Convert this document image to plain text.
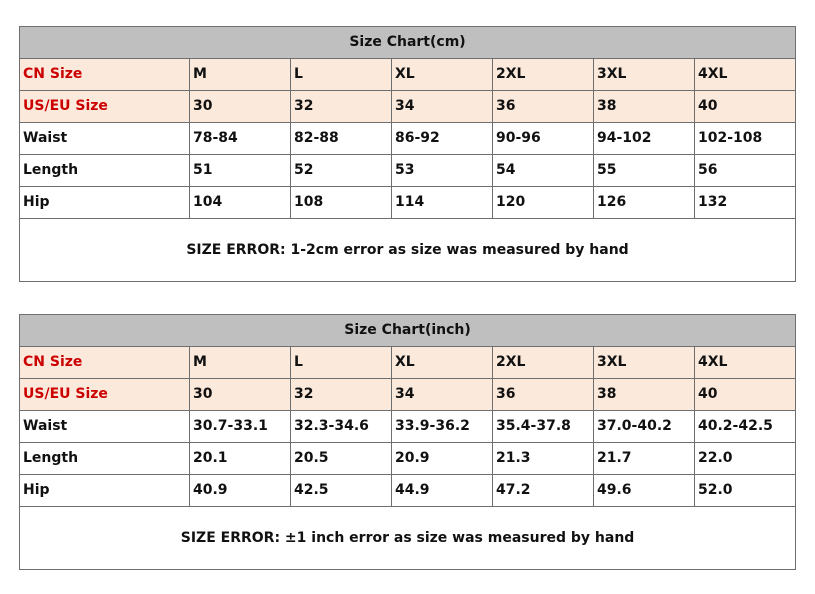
Size Chart(cm)						
CN Size	M	L	XL	2XL	3XL	4XL
US/EU Size	30	32	34	36	38	40
Waist	78-84	82-88	86-92	90-96	94-102	102-108
Length	51	52	53	54	55	56
Hip	104	108	114	120	126	132
SIZE ERROR: 1-2cm error as size was measured by hand						
Size Chart(inch)						
CN Size	M	L	XL	2XL	3XL	4XL
US/EU Size	30	32	34	36	38	40
Waist	30.7-33.1	32.3-34.6	33.9-36.2	35.4-37.8	37.0-40.2	40.2-42.5
Length	20.1	20.5	20.9	21.3	21.7	22.0
Hip	40.9	42.5	44.9	47.2	49.6	52.0
SIZE ERROR: ±1 inch error as size was measured by hand						
